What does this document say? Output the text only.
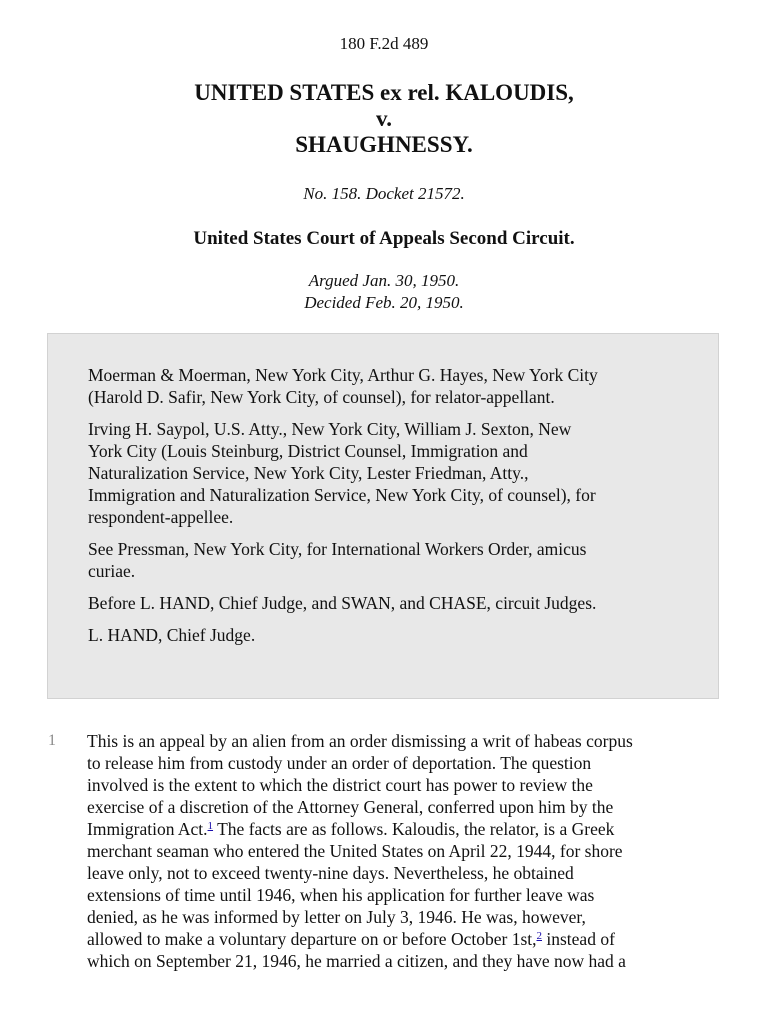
180 F.2d 489
UNITED STATES ex rel. KALOUDIS,
v.
SHAUGHNESSY.
No. 158. Docket 21572.
United States Court of Appeals Second Circuit.
Argued Jan. 30, 1950.
Decided Feb. 20, 1950.

Moerman & Moerman, New York City, Arthur G. Hayes, New York City
(Harold D. Safir, New York City, of counsel), for relator-appellant.

Irving H. Saypol, U.S. Atty., New York City, William J. Sexton, New
York City (Louis Steinburg, District Counsel, Immigration and
Naturalization Service, New York City, Lester Friedman, Atty.,
Immigration and Naturalization Service, New York City, of counsel), for
respondent-appellee.

See Pressman, New York City, for International Workers Order, amicus
curiae.

Before L. HAND, Chief Judge, and SWAN, and CHASE, circuit Judges.

L. HAND, Chief Judge.

1 This is an appeal by an alien from an order dismissing a writ of habeas corpus
to release him from custody under an order of deportation. The question
involved is the extent to which the district court has power to review the
exercise of a discretion of the Attorney General, conferred upon him by the
Immigration Act.$^1$ The facts are as follows. Kaloudis, the relator, is a Greek
merchant seaman who entered the United States on April 22, 1944, for shore
leave only, not to exceed twenty-nine days. Nevertheless, he obtained
extensions of time until 1946, when his application for further leave was
denied, as he was informed by letter on July 3, 1946. He was, however,
allowed to make a voluntary departure on or before October 1st,$^2$ instead of
which on September 21, 1946, he married a citizen, and they have now had a
